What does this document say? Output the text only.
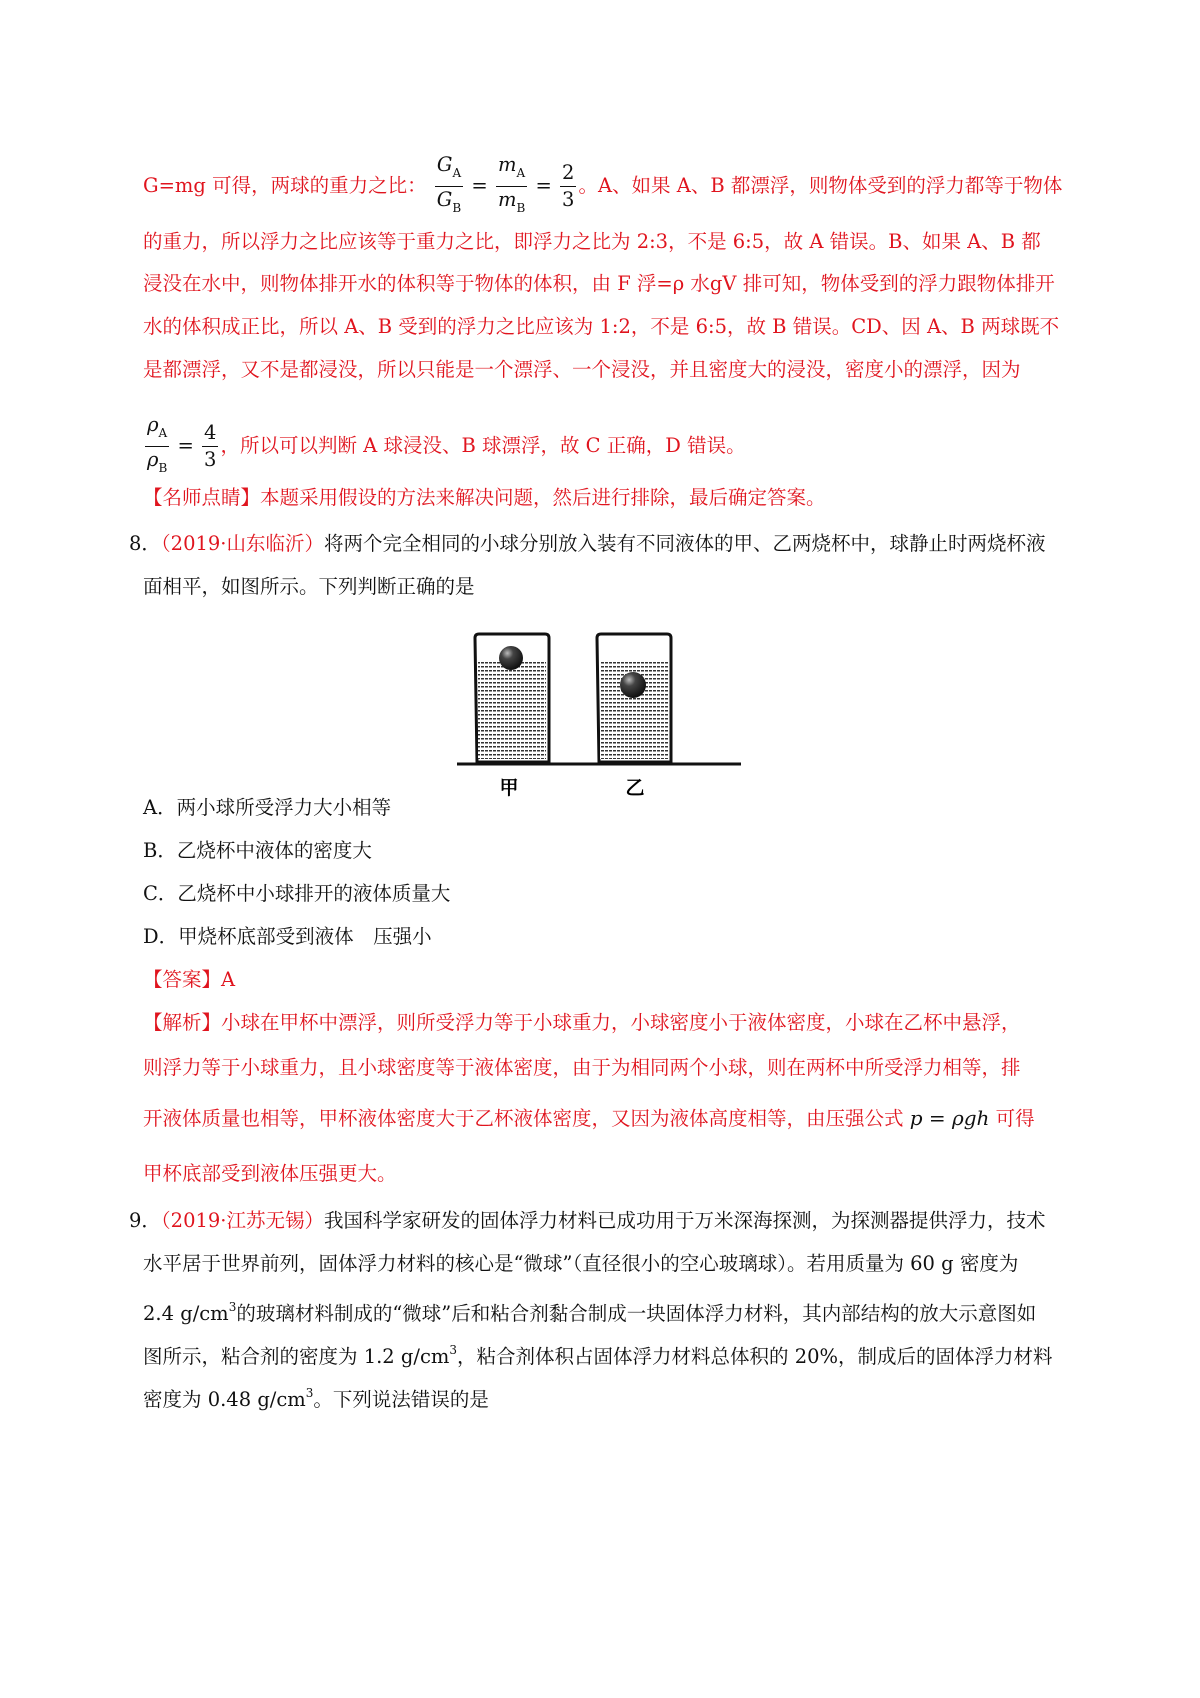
G=mg 可得，两球的重力之比： $\frac{G_A}{G_B} = \frac{m_A}{m_B} = \frac{2}{3}$ 。A、如果 A、B 都漂浮，则物体受到的浮力都等于物体
的重力，所以浮力之比应该等于重力之比，即浮力之比为 2:3，不是 6:5，故 A 错误。B、如果 A、B 都
浸没在水中，则物体排开水的体积等于物体的体积，由 F 浮=ρ 水gV 排可知，物体受到的浮力跟物体排开
水的体积成正比，所以 A、B 受到的浮力之比应该为 1:2，不是 6:5，故 B 错误。CD、因 A、B 两球既不
是都漂浮，又不是都浸没，所以只能是一个漂浮、一个浸没，并且密度大的浸没，密度小的漂浮，因为
$\frac{\rho_A}{\rho_B} = \frac{4}{3}$ ，所以可以判断 A 球浸没、B 球漂浮，故 C 正确，D 错误。
【名师点睛】本题采用假设的方法来解决问题，然后进行排除，最后确定答案。
8．（2019·山东临沂）将两个完全相同的小球分别放入装有不同液体的甲、乙两烧杯中，球静止时两烧杯液
面相平，如图所示。下列判断正确的是
甲	乙
A．两小球所受浮力大小相等
B．乙烧杯中液体的密度大
C．乙烧杯中小球排开的液体质量大
D．甲烧杯底部受到液体　压强小
【答案】A
【解析】小球在甲杯中漂浮，则所受浮力等于小球重力，小球密度小于液体密度，小球在乙杯中悬浮，
则浮力等于小球重力，且小球密度等于液体密度，由于为相同两个小球，则在两杯中所受浮力相等，排
开液体质量也相等，甲杯液体密度大于乙杯液体密度，又因为液体高度相等，由压强公式 p = ρgh 可得
甲杯底部受到液体压强更大。
9．（2019·江苏无锡）我国科学家研发的固体浮力材料已成功用于万米深海探测，为探测器提供浮力，技术
水平居于世界前列，固体浮力材料的核心是“微球”（直径很小的空心玻璃球）。若用质量为 60 g 密度为
2.4 $g/cm^3$的玻璃材料制成的“微球”后和粘合剂黏合制成一块固体浮力材料，其内部结构的放大示意图如
图所示，粘合剂的密度为 1.2 $g/cm^3$，粘合剂体积占固体浮力材料总体积的 20%，制成后的固体浮力材料
密度为 0.48 $g/cm^3$。下列说法错误的是
